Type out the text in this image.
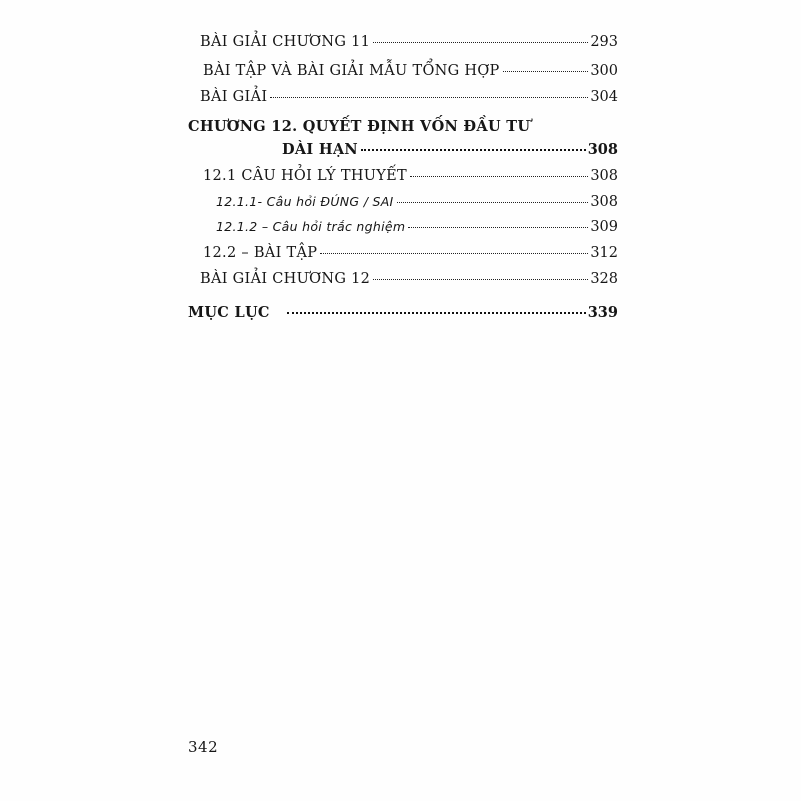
BÀI GIẢI CHƯƠNG 11	293
BÀI TẬP VÀ BÀI GIẢI MẪU TỔNG HỢP	300
BÀI GIẢI	304
CHƯƠNG 12. QUYẾT ĐỊNH VỐN ĐẦU TƯ
DÀI HẠN	308
12.1 CÂU HỎI LÝ THUYẾT	308
12.1.1- Câu hỏi ĐÚNG / SAI	308
12.1.2 – Câu hỏi trắc nghiệm	309
12.2 – BÀI TẬP	312
BÀI GIẢI CHƯƠNG 12	328
MỤC LỤC	339
342
